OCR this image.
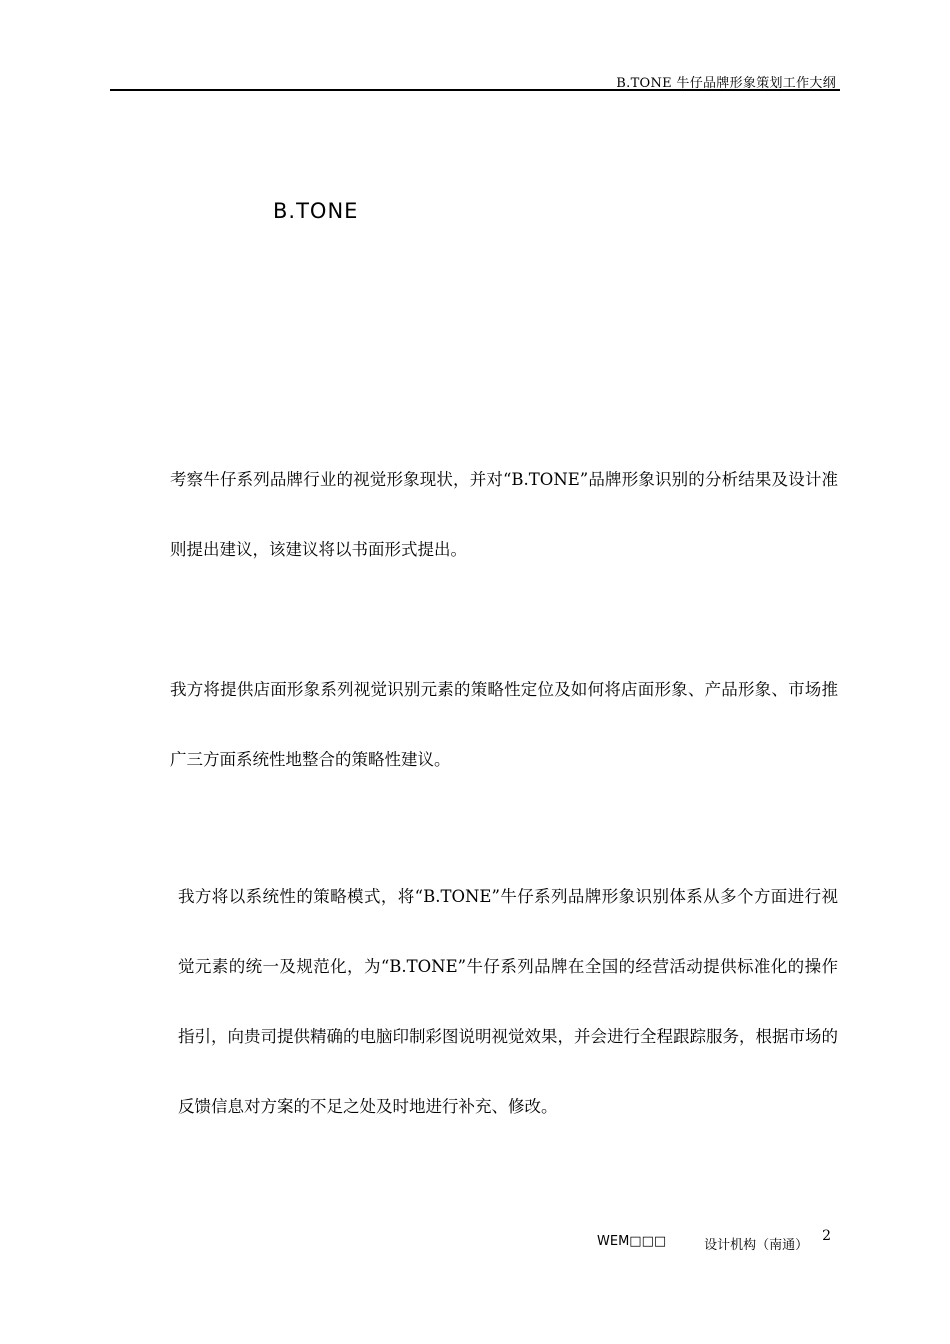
B.TONE 牛仔品牌形象策划工作大纲
B.TONE

考察牛仔系列品牌行业的视觉形象现状，并对“B.TONE”品牌形象识别的分析结果及设计准则提出建议，该建议将以书面形式提出。

我方将提供店面形象系列视觉识别元素的策略性定位及如何将店面形象、产品形象、市场推广三方面系统性地整合的策略性建议。

我方将以系统性的策略模式，将“B.TONE”牛仔系列品牌形象识别体系从多个方面进行视觉元素的统一及规范化，为“B.TONE”牛仔系列品牌在全国的经营活动提供标准化的操作指引，向贵司提供精确的电脑印制彩图说明视觉效果，并会进行全程跟踪服务，根据市场的反馈信息对方案的不足之处及时地进行补充、修改。

WEM□□□	设计机构（南通）
2
